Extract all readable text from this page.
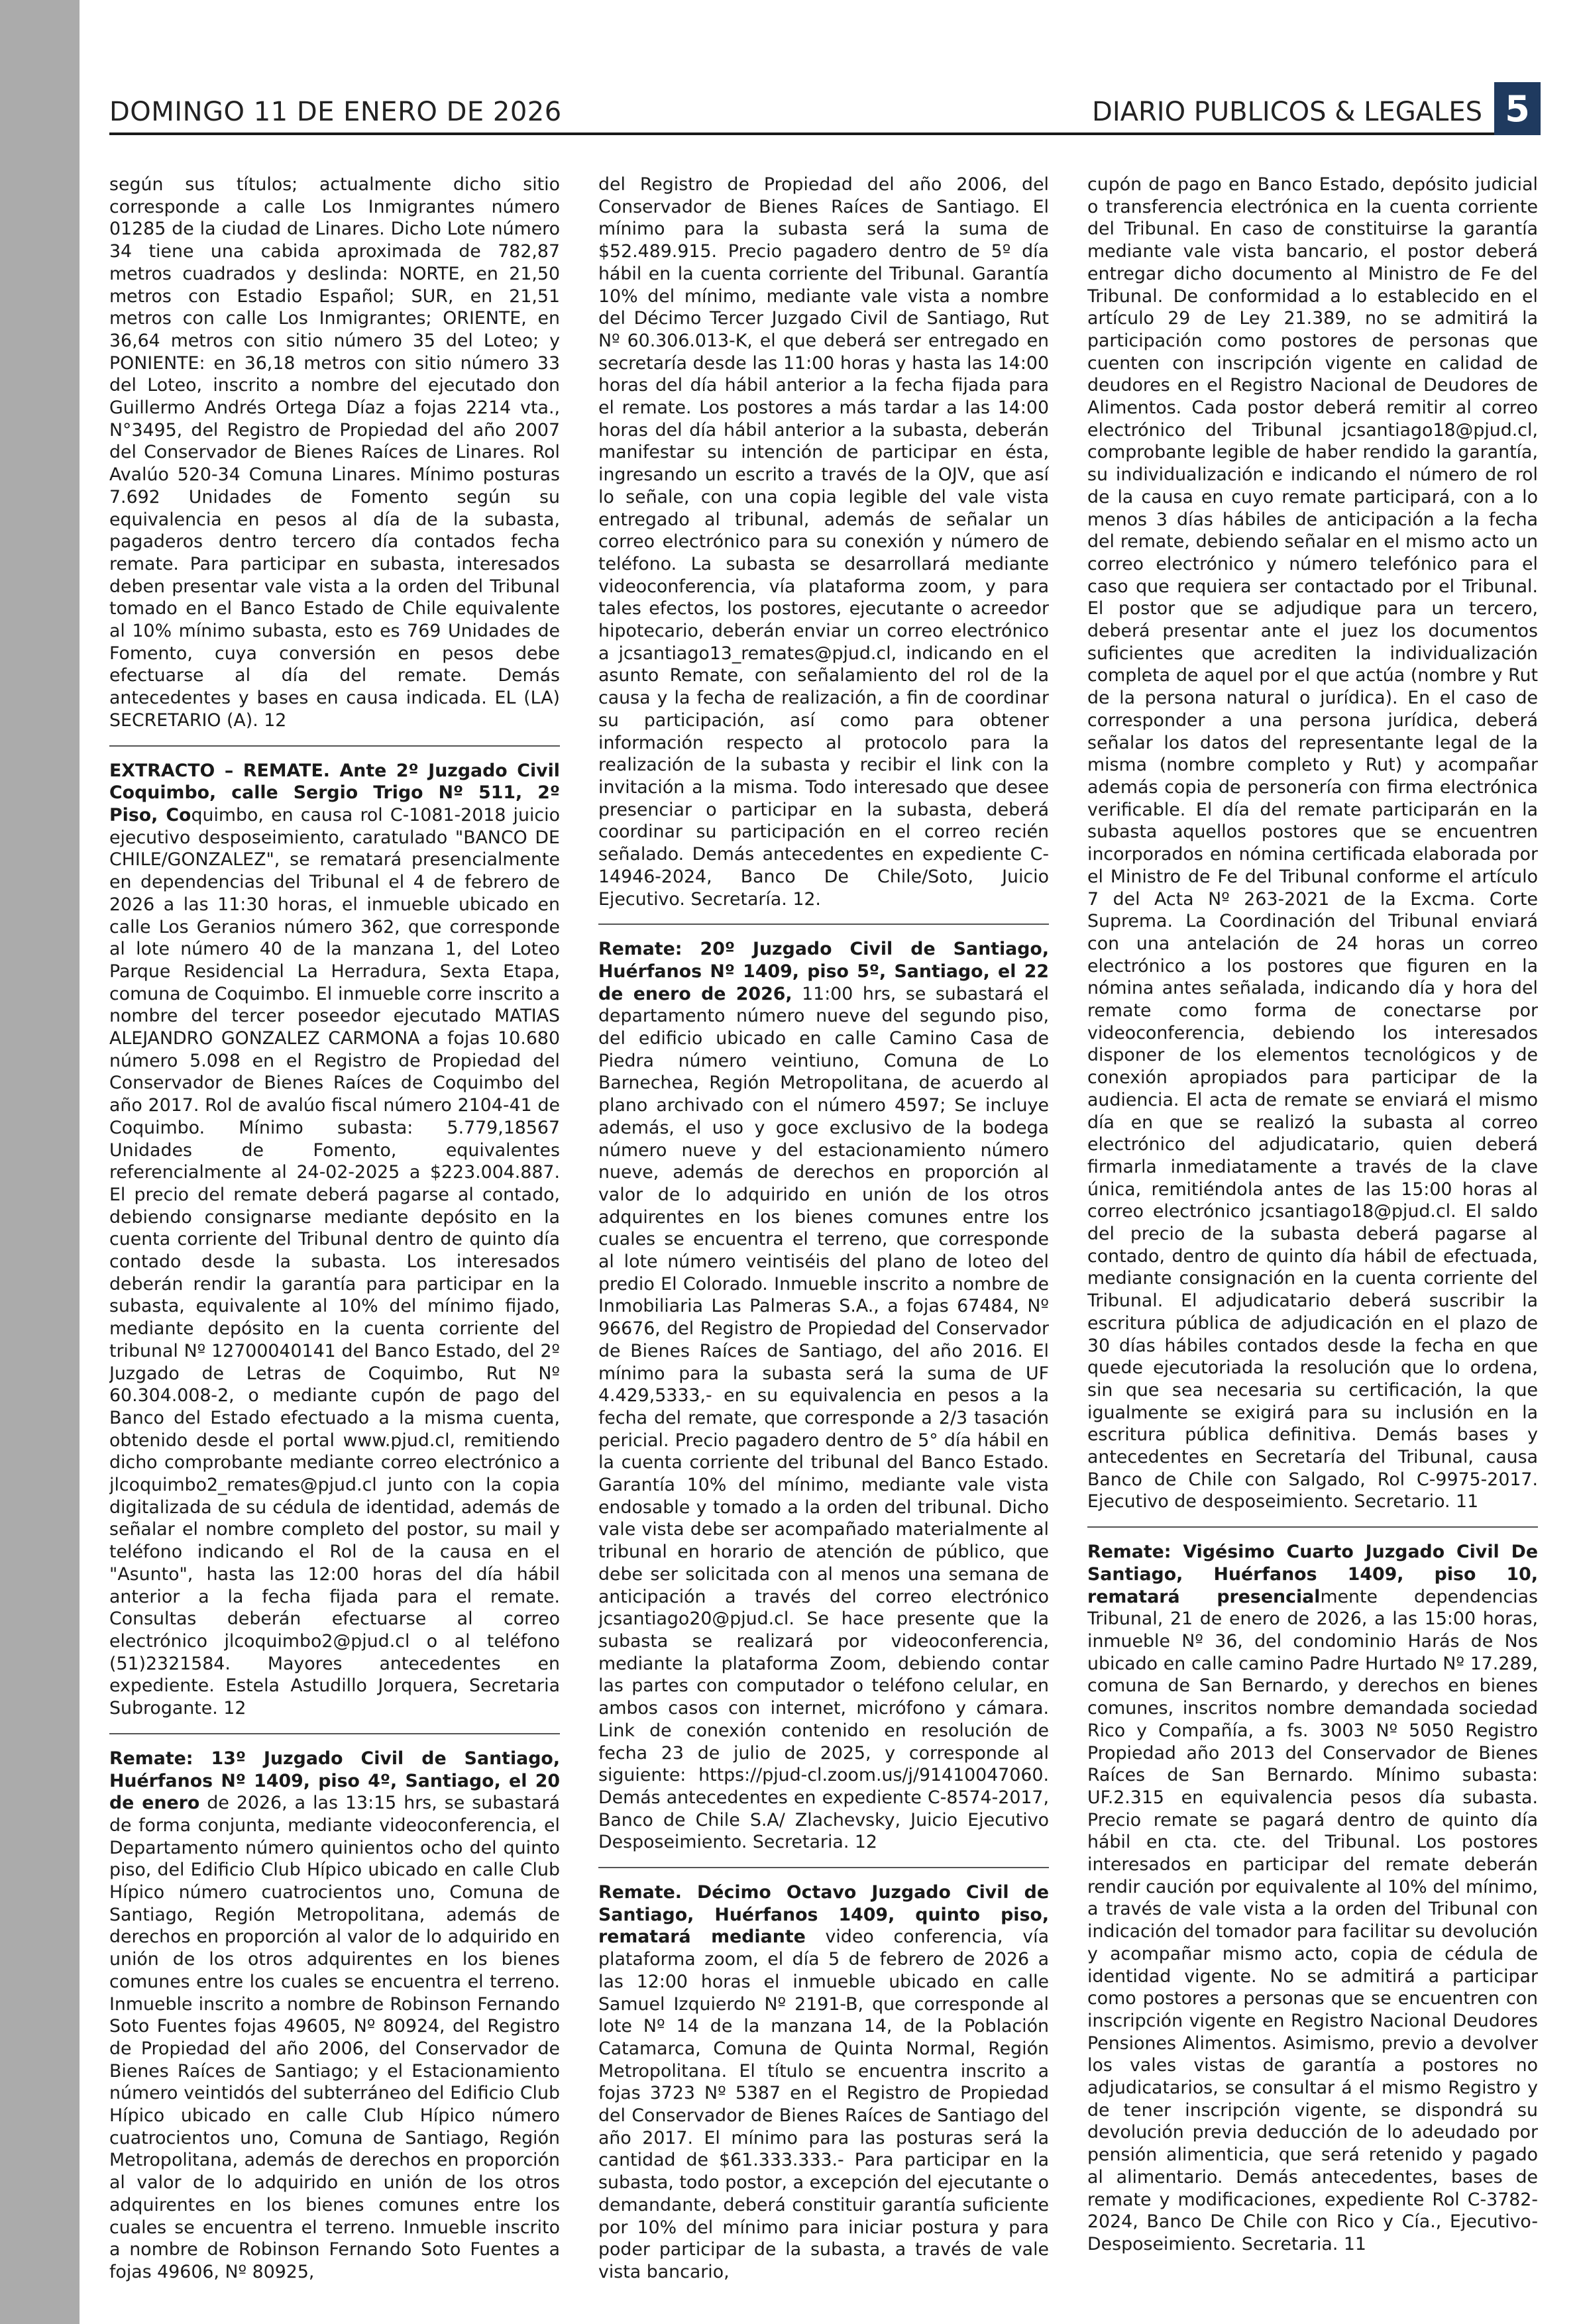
DOMINGO 11 DE ENERO DE 2026	DIARIO PUBLICOS & LEGALES 5

según sus títulos; actualmente dicho sitio corresponde a calle Los Inmigrantes número 01285 de la ciudad de Linares. Dicho Lote número 34 tiene una cabida aproximada de 782,87 metros cuadrados y deslinda: NORTE, en 21,50 metros con Estadio Español; SUR, en 21,51 metros con calle Los Inmigrantes; ORIENTE, en 36,64 metros con sitio número 35 del Loteo; y PONIENTE: en 36,18 metros con sitio número 33 del Loteo, inscrito a nombre del ejecutado don Guillermo Andrés Ortega Díaz a fojas 2214 vta., N°3495, del Registro de Propiedad del año 2007 del Conservador de Bienes Raíces de Linares. Rol Avalúo 520-34 Comuna Linares. Mínimo posturas 7.692 Unidades de Fomento según su equivalencia en pesos al día de la subasta, pagaderos dentro tercero día contados fecha remate. Para participar en subasta, interesados deben presentar vale vista a la orden del Tribunal tomado en el Banco Estado de Chile equivalente al 10% mínimo subasta, esto es 769 Unidades de Fomento, cuya conversión en pesos debe efectuarse al día del remate. Demás antecedentes y bases en causa indicada. EL (LA) SECRETARIO (A). 12

EXTRACTO – REMATE. Ante 2º Juzgado Civil Coquimbo, calle Sergio Trigo Nº 511, 2º Piso, Coquimbo, en causa rol C-1081-2018 juicio ejecutivo desposeimiento, caratulado "BANCO DE CHILE/GONZALEZ", se rematará presencialmente en dependencias del Tribunal el 4 de febrero de 2026 a las 11:30 horas, el inmueble ubicado en calle Los Geranios número 362, que corresponde al lote número 40 de la manzana 1, del Loteo Parque Residencial La Herradura, Sexta Etapa, comuna de Coquimbo. El inmueble corre inscrito a nombre del tercer poseedor ejecutado MATIAS ALEJANDRO GONZALEZ CARMONA a fojas 10.680 número 5.098 en el Registro de Propiedad del Conservador de Bienes Raíces de Coquimbo del año 2017. Rol de avalúo fiscal número 2104-41 de Coquimbo. Mínimo subasta: 5.779,18567 Unidades de Fomento, equivalentes referencialmente al 24-02-2025 a $223.004.887. El precio del remate deberá pagarse al contado, debiendo consignarse mediante depósito en la cuenta corriente del Tribunal dentro de quinto día contado desde la subasta. Los interesados deberán rendir la garantía para participar en la subasta, equivalente al 10% del mínimo fijado, mediante depósito en la cuenta corriente del tribunal Nº 12700040141 del Banco Estado, del 2º Juzgado de Letras de Coquimbo, Rut Nº 60.304.008-2, o mediante cupón de pago del Banco del Estado efectuado a la misma cuenta, obtenido desde el portal www.pjud.cl, remitiendo dicho comprobante mediante correo electrónico a jlcoquimbo2_remates@pjud.cl junto con la copia digitalizada de su cédula de identidad, además de señalar el nombre completo del postor, su mail y teléfono indicando el Rol de la causa en el "Asunto", hasta las 12:00 horas del día hábil anterior a la fecha fijada para el remate. Consultas deberán efectuarse al correo electrónico jlcoquimbo2@pjud.cl o al teléfono (51)2321584. Mayores antecedentes en expediente. Estela Astudillo Jorquera, Secretaria Subrogante. 12

Remate: 13º Juzgado Civil de Santiago, Huérfanos Nº 1409, piso 4º, Santiago, el 20 de enero de 2026, a las 13:15 hrs, se subastará de forma conjunta, mediante videoconferencia, el Departamento número quinientos ocho del quinto piso, del Edificio Club Hípico ubicado en calle Club Hípico número cuatrocientos uno, Comuna de Santiago, Región Metropolitana, además de derechos en proporción al valor de lo adquirido en unión de los otros adquirentes en los bienes comunes entre los cuales se encuentra el terreno. Inmueble inscrito a nombre de Robinson Fernando Soto Fuentes fojas 49605, Nº 80924, del Registro de Propiedad del año 2006, del Conservador de Bienes Raíces de Santiago; y el Estacionamiento número veintidós del subterráneo del Edificio Club Hípico ubicado en calle Club Hípico número cuatrocientos uno, Comuna de Santiago, Región Metropolitana, además de derechos en proporción al valor de lo adquirido en unión de los otros adquirentes en los bienes comunes entre los cuales se encuentra el terreno. Inmueble inscrito a nombre de Robinson Fernando Soto Fuentes a fojas 49606, Nº 80925,

del Registro de Propiedad del año 2006, del Conservador de Bienes Raíces de Santiago. El mínimo para la subasta será la suma de $52.489.915. Precio pagadero dentro de 5º día hábil en la cuenta corriente del Tribunal. Garantía 10% del mínimo, mediante vale vista a nombre del Décimo Tercer Juzgado Civil de Santiago, Rut Nº 60.306.013-K, el que deberá ser entregado en secretaría desde las 11:00 horas y hasta las 14:00 horas del día hábil anterior a la fecha fijada para el remate. Los postores a más tardar a las 14:00 horas del día hábil anterior a la subasta, deberán manifestar su intención de participar en ésta, ingresando un escrito a través de la OJV, que así lo señale, con una copia legible del vale vista entregado al tribunal, además de señalar un correo electrónico para su conexión y número de teléfono. La subasta se desarrollará mediante videoconferencia, vía plataforma zoom, y para tales efectos, los postores, ejecutante o acreedor hipotecario, deberán enviar un correo electrónico a jcsantiago13_remates@pjud.cl, indicando en el asunto Remate, con señalamiento del rol de la causa y la fecha de realización, a fin de coordinar su participación, así como para obtener información respecto al protocolo para la realización de la subasta y recibir el link con la invitación a la misma. Todo interesado que desee presenciar o participar en la subasta, deberá coordinar su participación en el correo recién señalado. Demás antecedentes en expediente C-14946-2024, Banco De Chile/Soto, Juicio Ejecutivo. Secretaría. 12.

Remate: 20º Juzgado Civil de Santiago, Huérfanos Nº 1409, piso 5º, Santiago, el 22 de enero de 2026, 11:00 hrs, se subastará el departamento número nueve del segundo piso, del edificio ubicado en calle Camino Casa de Piedra número veintiuno, Comuna de Lo Barnechea, Región Metropolitana, de acuerdo al plano archivado con el número 4597; Se incluye además, el uso y goce exclusivo de la bodega número nueve y del estacionamiento número nueve, además de derechos en proporción al valor de lo adquirido en unión de los otros adquirentes en los bienes comunes entre los cuales se encuentra el terreno, que corresponde al lote número veintiséis del plano de loteo del predio El Colorado. Inmueble inscrito a nombre de Inmobiliaria Las Palmeras S.A., a fojas 67484, Nº 96676, del Registro de Propiedad del Conservador de Bienes Raíces de Santiago, del año 2016. El mínimo para la subasta será la suma de UF 4.429,5333,- en su equivalencia en pesos a la fecha del remate, que corresponde a 2/3 tasación pericial. Precio pagadero dentro de 5° día hábil en la cuenta corriente del tribunal del Banco Estado. Garantía 10% del mínimo, mediante vale vista endosable y tomado a la orden del tribunal. Dicho vale vista debe ser acompañado materialmente al tribunal en horario de atención de público, que debe ser solicitada con al menos una semana de anticipación a través del correo electrónico jcsantiago20@pjud.cl. Se hace presente que la subasta se realizará por videoconferencia, mediante la plataforma Zoom, debiendo contar las partes con computador o teléfono celular, en ambos casos con internet, micrófono y cámara. Link de conexión contenido en resolución de fecha 23 de julio de 2025, y corresponde al siguiente: https://pjud-cl.zoom.us/j/91410047060. Demás antecedentes en expediente C-8574-2017, Banco de Chile S.A/ Zlachevsky, Juicio Ejecutivo Desposeimiento. Secretaria. 12

Remate. Décimo Octavo Juzgado Civil de Santiago, Huérfanos 1409, quinto piso, rematará mediante video conferencia, vía plataforma zoom, el día 5 de febrero de 2026 a las 12:00 horas el inmueble ubicado en calle Samuel Izquierdo Nº 2191-B, que corresponde al lote Nº 14 de la manzana 14, de la Población Catamarca, Comuna de Quinta Normal, Región Metropolitana. El título se encuentra inscrito a fojas 3723 Nº 5387 en el Registro de Propiedad del Conservador de Bienes Raíces de Santiago del año 2017. El mínimo para las posturas será la cantidad de $61.333.333.- Para participar en la subasta, todo postor, a excepción del ejecutante o demandante, deberá constituir garantía suficiente por 10% del mínimo para iniciar postura y para poder participar de la subasta, a través de vale vista bancario,

cupón de pago en Banco Estado, depósito judicial o transferencia electrónica en la cuenta corriente del Tribunal. En caso de constituirse la garantía mediante vale vista bancario, el postor deberá entregar dicho documento al Ministro de Fe del Tribunal. De conformidad a lo establecido en el artículo 29 de Ley 21.389, no se admitirá la participación como postores de personas que cuenten con inscripción vigente en calidad de deudores en el Registro Nacional de Deudores de Alimentos. Cada postor deberá remitir al correo electrónico del Tribunal jcsantiago18@pjud.cl, comprobante legible de haber rendido la garantía, su individualización e indicando el número de rol de la causa en cuyo remate participará, con a lo menos 3 días hábiles de anticipación a la fecha del remate, debiendo señalar en el mismo acto un correo electrónico y número telefónico para el caso que requiera ser contactado por el Tribunal. El postor que se adjudique para un tercero, deberá presentar ante el juez los documentos suficientes que acrediten la individualización completa de aquel por el que actúa (nombre y Rut de la persona natural o jurídica). En el caso de corresponder a una persona jurídica, deberá señalar los datos del representante legal de la misma (nombre completo y Rut) y acompañar además copia de personería con firma electrónica verificable. El día del remate participarán en la subasta aquellos postores que se encuentren incorporados en nómina certificada elaborada por el Ministro de Fe del Tribunal conforme el artículo 7 del Acta Nº 263-2021 de la Excma. Corte Suprema. La Coordinación del Tribunal enviará con una antelación de 24 horas un correo electrónico a los postores que figuren en la nómina antes señalada, indicando día y hora del remate como forma de conectarse por videoconferencia, debiendo los interesados disponer de los elementos tecnológicos y de conexión apropiados para participar de la audiencia. El acta de remate se enviará el mismo día en que se realizó la subasta al correo electrónico del adjudicatario, quien deberá firmarla inmediatamente a través de la clave única, remitiéndola antes de las 15:00 horas al correo electrónico jcsantiago18@pjud.cl. El saldo del precio de la subasta deberá pagarse al contado, dentro de quinto día hábil de efectuada, mediante consignación en la cuenta corriente del Tribunal. El adjudicatario deberá suscribir la escritura pública de adjudicación en el plazo de 30 días hábiles contados desde la fecha en que quede ejecutoriada la resolución que lo ordena, sin que sea necesaria su certificación, la que igualmente se exigirá para su inclusión en la escritura pública definitiva. Demás bases y antecedentes en Secretaría del Tribunal, causa Banco de Chile con Salgado, Rol C-9975-2017. Ejecutivo de desposeimiento. Secretario. 11

Remate: Vigésimo Cuarto Juzgado Civil De Santiago, Huérfanos 1409, piso 10, rematará presencialmente dependencias Tribunal, 21 de enero de 2026, a las 15:00 horas, inmueble Nº 36, del condominio Harás de Nos ubicado en calle camino Padre Hurtado Nº 17.289, comuna de San Bernardo, y derechos en bienes comunes, inscritos nombre demandada sociedad Rico y Compañía, a fs. 3003 Nº 5050 Registro Propiedad año 2013 del Conservador de Bienes Raíces de San Bernardo. Mínimo subasta: UF.2.315 en equivalencia pesos día subasta. Precio remate se pagará dentro de quinto día hábil en cta. cte. del Tribunal. Los postores interesados en participar del remate deberán rendir caución por equivalente al 10% del mínimo, a través de vale vista a la orden del Tribunal con indicación del tomador para facilitar su devolución y acompañar mismo acto, copia de cédula de identidad vigente. No se admitirá a participar como postores a personas que se encuentren con inscripción vigente en Registro Nacional Deudores Pensiones Alimentos. Asimismo, previo a devolver los vales vistas de garantía a postores no adjudicatarios, se consultar á el mismo Registro y de tener inscripción vigente, se dispondrá su devolución previa deducción de lo adeudado por pensión alimenticia, que será retenido y pagado al alimentario. Demás antecedentes, bases de remate y modificaciones, expediente Rol C-3782-2024, Banco De Chile con Rico y Cía., Ejecutivo-Desposeimiento. Secretaria. 11
